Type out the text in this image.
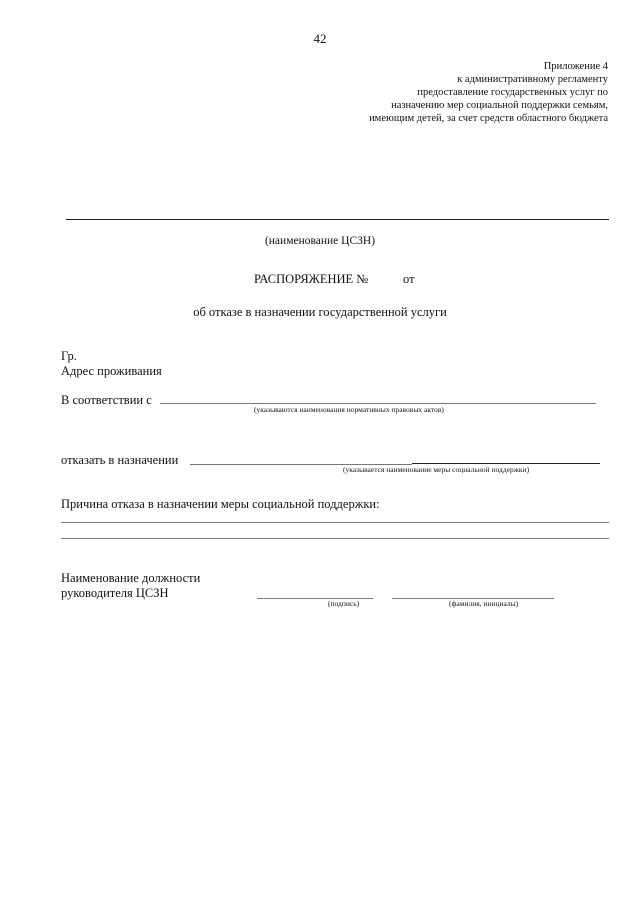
42
Приложение 4
к административному регламенту
предоставление государственных услуг по
назначению мер социальной поддержки семьям,
имеющим детей, за счет средств областного бюджета
(наименование ЦСЗН)
РАСПОРЯЖЕНИЕ №	от
об отказе в назначении государственной услуги
Гр.
Адрес проживания
В соответствии с
(указываются наименования нормативных правовых актов)
отказать в назначении
(указывается наименование меры социальной поддержки)
Причина отказа в назначении меры социальной поддержки:
Наименование должности
руководителя ЦСЗН
(подпись)	(фамилия, инициалы)
